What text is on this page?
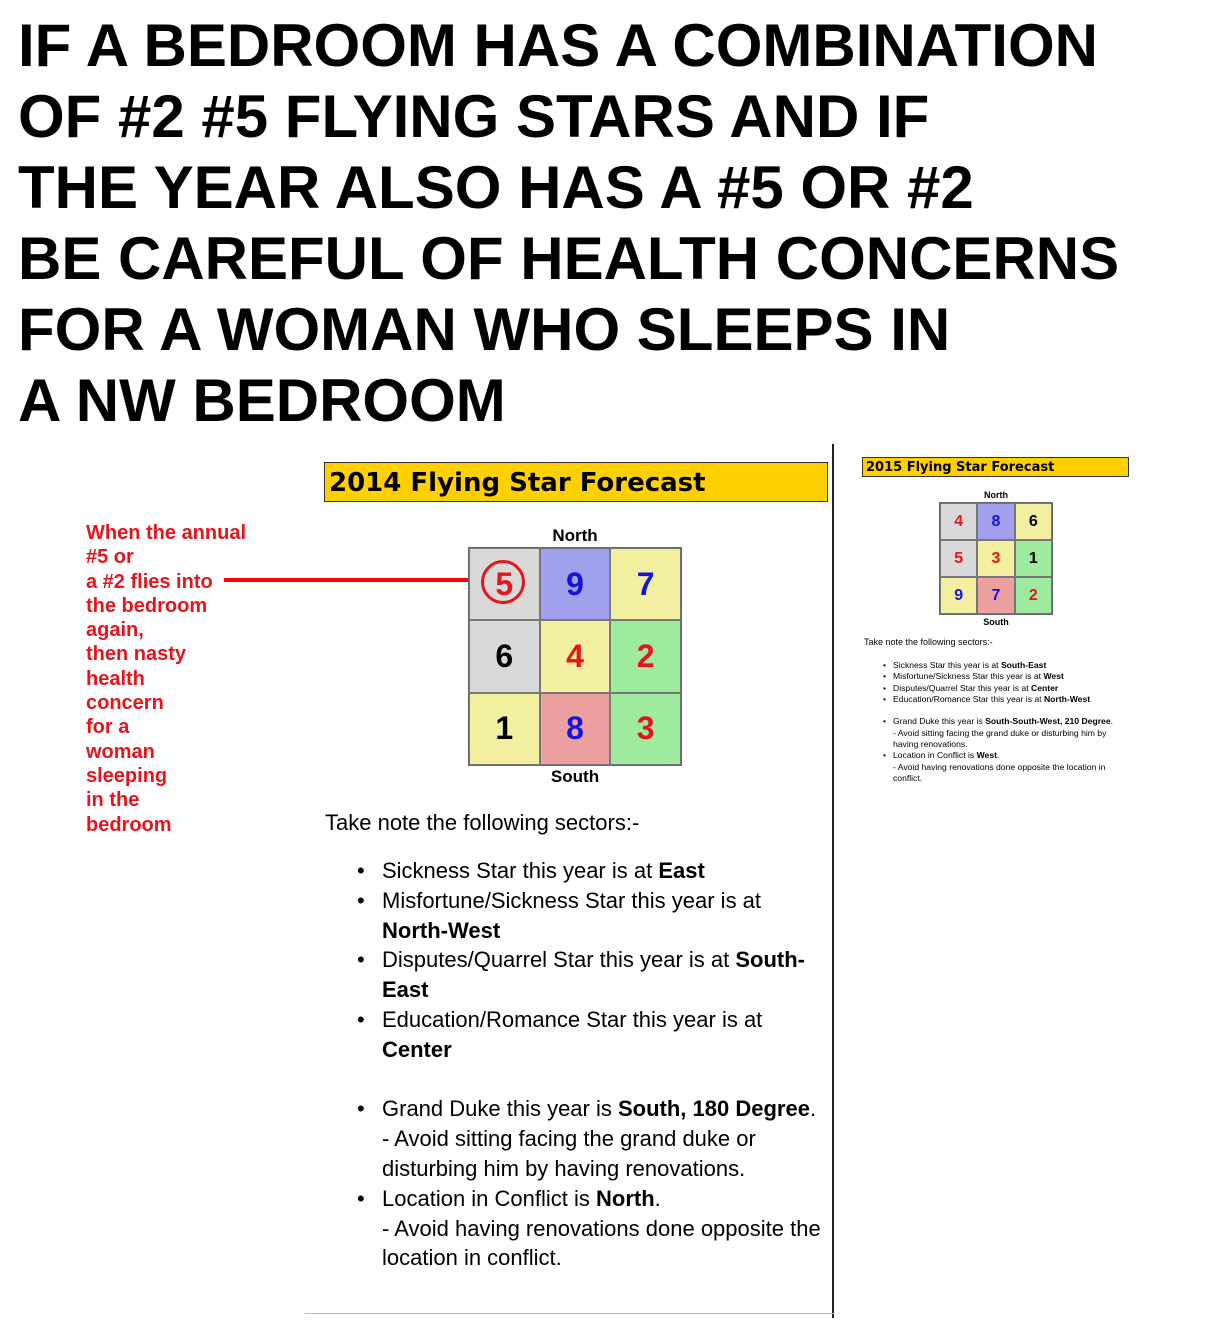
IF A BEDROOM HAS A COMBINATION
OF #2 #5 FLYING STARS AND IF
THE YEAR ALSO HAS A #5 OR #2
BE CAREFUL OF HEALTH CONCERNS
FOR A WOMAN WHO SLEEPS IN
A NW BEDROOM
When the annual
#5 or
a #2 flies into
the bedroom
again,
then nasty
health
concern
for a
woman
sleeping
in the
bedroom
2014 Flying Star Forecast
North
5 9 7
6 4 2
1 8 3
South
Take note the following sectors:-
• Sickness Star this year is at East
• Misfortune/Sickness Star this year is at North-West
• Disputes/Quarrel Star this year is at South-East
• Education/Romance Star this year is at Center
• Grand Duke this year is South, 180 Degree.
- Avoid sitting facing the grand duke or disturbing him by having renovations.
• Location in Conflict is North.
- Avoid having renovations done opposite the location in conflict.
2015 Flying Star Forecast
North
4 8 6
5 3 1
9 7 2
South
Take note the following sectors:-
• Sickness Star this year is at South-East
• Misfortune/Sickness Star this year is at West
• Disputes/Quarrel Star this year is at Center
• Education/Romance Star this year is at North-West
• Grand Duke this year is South-South-West, 210 Degree.
- Avoid sitting facing the grand duke or disturbing him by having renovations.
• Location in Conflict is West.
- Avoid having renovations done opposite the location in conflict.
